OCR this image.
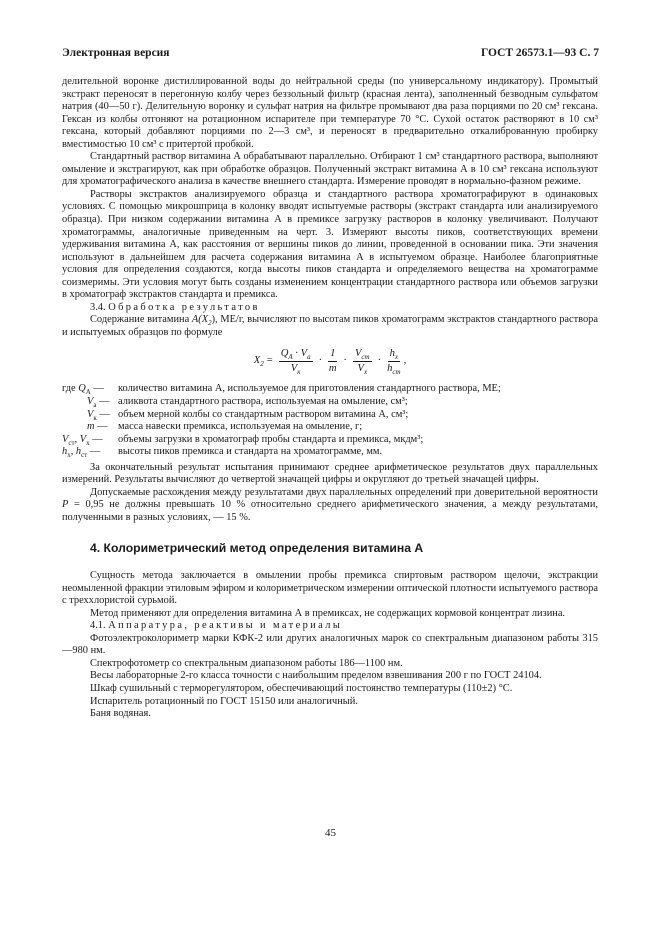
Электронная версия	ГОСТ 26573.1—93 С. 7

делительной воронке дистиллированной воды до нейтральной среды (по универсальному индикатору). Промытый экстракт переносят в перегонную колбу через беззольный фильтр (красная лента), заполненный безводным сульфатом натрия (40—50 г). Делительную воронку и сульфат натрия на фильтре промывают два раза порциями по 20 см³ гексана. Гексан из колбы отгоняют на ротационном испарителе при температуре 70 °С. Сухой остаток растворяют в 10 см³ гексана, который добавляют порциями по 2—3 см³, и переносят в предварительно откалиброванную пробирку вместимостью 10 см³ с притертой пробкой.

Стандартный раствор витамина А обрабатывают параллельно. Отбирают 1 см³ стандартного раствора, выполняют омыление и экстрагируют, как при обработке образцов. Полученный экстракт витамина А в 10 см³ гексана используют для хроматографического анализа в качестве внешнего стандарта. Измерение проводят в нормально-фазном режиме.

Растворы экстрактов анализируемого образца и стандартного раствора хроматографируют в одинаковых условиях. С помощью микрошприца в колонку вводят испытуемые растворы (экстракт стандарта или анализируемого образца). При низком содержании витамина А в премиксе загрузку растворов в колонку увеличивают. Получают хроматограммы, аналогичные приведенным на черт. 3. Измеряют высоты пиков, соответствующих времени удерживания витамина А, как расстояния от вершины пиков до линии, проведенной в основании пика. Эти значения используют в дальнейшем для расчета содержания витамина А в испытуемом образце. Наиболее благоприятные условия для определения создаются, когда высоты пиков стандарта и определяемого вещества на хроматограмме соизмеримы. Эти условия могут быть созданы изменением концентрации стандартного раствора или объемов загрузки в хроматограф экстрактов стандарта и премикса.

3.4. Обработка результатов

Содержание витамина $A(X_2)$, ME/г, вычисляют по высотам пиков хроматограмм экстрактов стандартного раствора и испытуемых образцов по формуле

$X_2 = \frac{Q_A \cdot V_a}{V_к} \cdot \frac{1}{m} \cdot \frac{V_{ст}}{V_х} \cdot \frac{h_х}{h_{ст}}$ ,
где $Q_A$ —	количество витамина А, используемое для приготовления стандартного раствора, ME;
$V_a$ — аликвота стандартного раствора, используемая на омыление, см³;
$V_к$ — объем мерной колбы со стандартным раствором витамина А, см³;
m —	масса навески премикса, используемая на омыление, г;
$V_{ст}$, $V_х$ —	объемы загрузки в хроматограф пробы стандарта и премикса, мкдм³;
$h_х$, $h_{ст}$ —	высоты пиков премикса и стандарта на хроматограмме, мм.

За окончательный результат испытания принимают среднее арифметическое результатов двух параллельных измерений. Результаты вычисляют до четвертой значащей цифры и округляют до третьей значащей цифры.

Допускаемые расхождения между результатами двух параллельных определений при доверительной вероятности P = 0,95 не должны превышать 10 % относительно среднего арифметического значения, а между результатами, полученными в разных условиях, — 15 %.

4. Колориметрический метод определения витамина А

Сущность метода заключается в омылении пробы премикса спиртовым раствором щелочи, экстракции неомыленной фракции этиловым эфиром и колориметрическом измерении оптической плотности испытуемого раствора с треххлористой сурьмой.

Метод применяют для определения витамина А в премиксах, не содержащих кормовой концентрат лизина.

4.1. Аппаратура, реактивы и материалы

Фотоэлектроколориметр марки КФК-2 или других аналогичных марок со спектральным диапазоном работы 315—980 нм.

Спектрофотометр со спектральным диапазоном работы 186—1100 нм.

Весы лабораторные 2-го класса точности с наибольшим пределом взвешивания 200 г по ГОСТ 24104.

Шкаф сушильный с терморегулятором, обеспечивающий постоянство температуры (110±2) °С.

Испаритель ротационный по ГОСТ 15150 или аналогичный.

Баня водяная.

45
